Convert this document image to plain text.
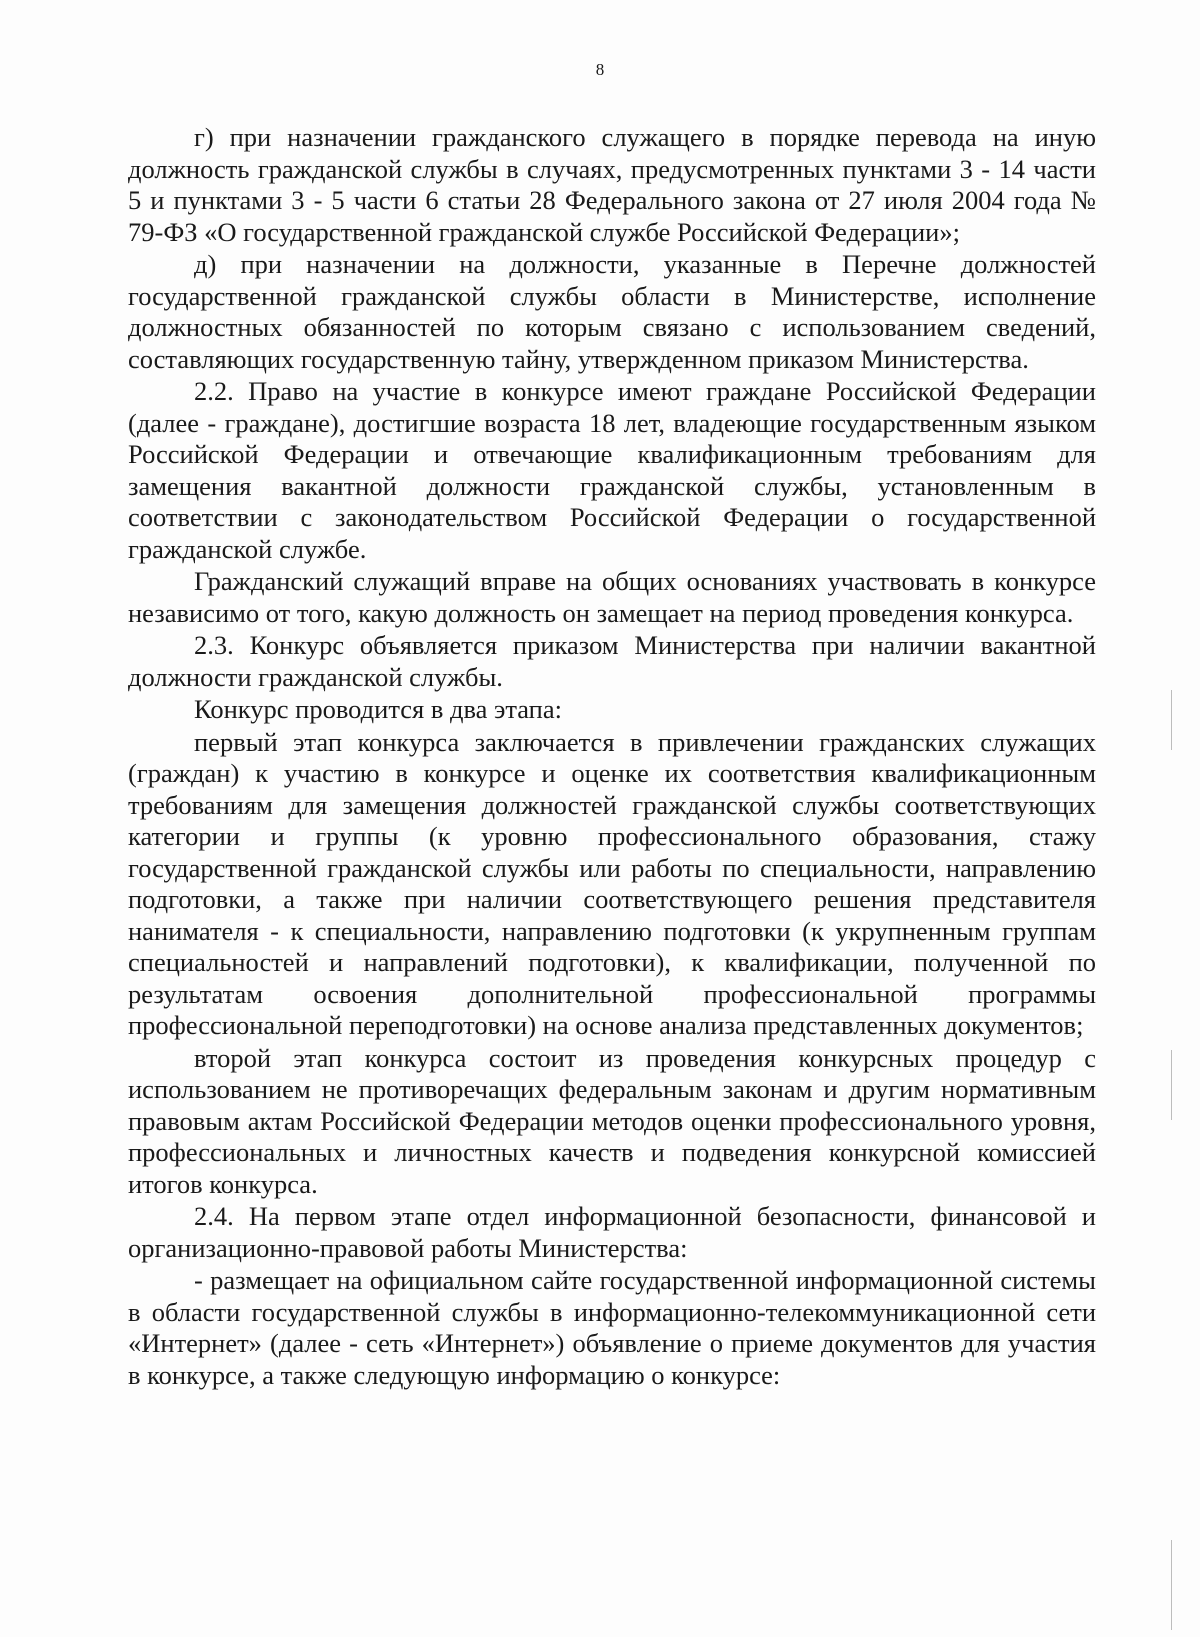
8

г) при назначении гражданского служащего в порядке перевода на иную должность гражданской службы в случаях, предусмотренных пунктами 3 - 14 части 5 и пунктами 3 - 5 части 6 статьи 28 Федерального закона от 27 июля 2004 года № 79-ФЗ «О государственной гражданской службе Российской Федерации»;

д) при назначении на должности, указанные в Перечне должностей государственной гражданской службы области в Министерстве, исполнение должностных обязанностей по которым связано с использованием сведений, составляющих государственную тайну, утвержденном приказом Министерства.

2.2. Право на участие в конкурсе имеют граждане Российской Федерации (далее - граждане), достигшие возраста 18 лет, владеющие государственным языком Российской Федерации и отвечающие квалификационным требованиям для замещения вакантной должности гражданской службы, установленным в соответствии с законодательством Российской Федерации о государственной гражданской службе.

Гражданский служащий вправе на общих основаниях участвовать в конкурсе независимо от того, какую должность он замещает на период проведения конкурса.

2.3. Конкурс объявляется приказом Министерства при наличии вакантной должности гражданской службы.

Конкурс проводится в два этапа:

первый этап конкурса заключается в привлечении гражданских служащих (граждан) к участию в конкурсе и оценке их соответствия квалификационным требованиям для замещения должностей гражданской службы соответствующих категории и группы (к уровню профессионального образования, стажу государственной гражданской службы или работы по специальности, направлению подготовки, а также при наличии соответствующего решения представителя нанимателя - к специальности, направлению подготовки (к укрупненным группам специальностей и направлений подготовки), к квалификации, полученной по результатам освоения дополнительной профессиональной программы профессиональной переподготовки) на основе анализа представленных документов;

второй этап конкурса состоит из проведения конкурсных процедур с использованием не противоречащих федеральным законам и другим нормативным правовым актам Российской Федерации методов оценки профессионального уровня, профессиональных и личностных качеств и подведения конкурсной комиссией итогов конкурса.

2.4. На первом этапе отдел информационной безопасности, финансовой и организационно-правовой работы Министерства:

- размещает на официальном сайте государственной информационной системы в области государственной службы в информационно-телекоммуникационной сети «Интернет» (далее - сеть «Интернет») объявление о приеме документов для участия в конкурсе, а также следующую информацию о конкурсе:
